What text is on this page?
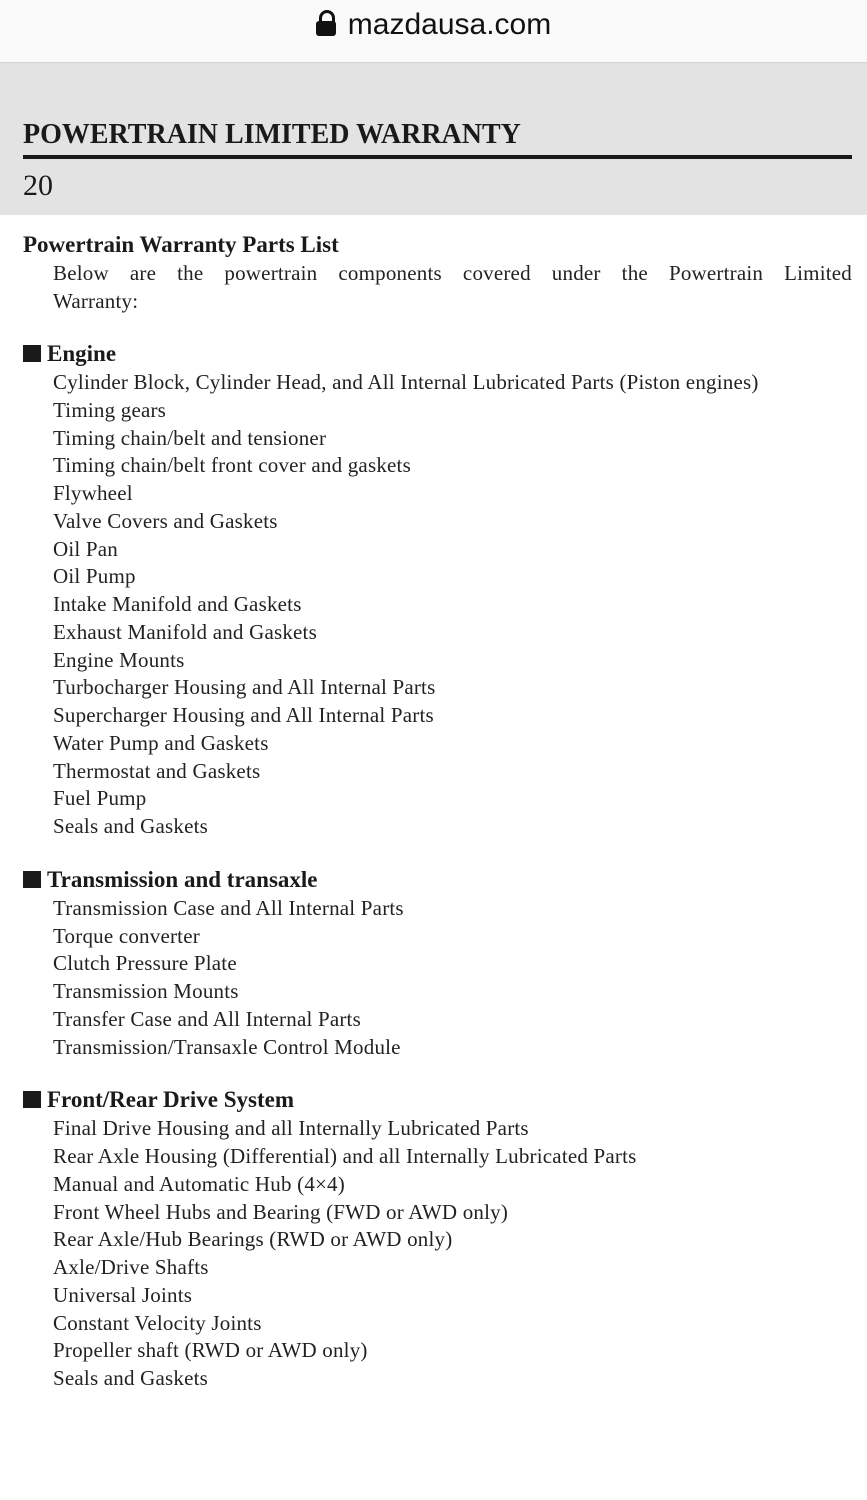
mazdausa.com
POWERTRAIN LIMITED WARRANTY
20
Powertrain Warranty Parts List

Below are the powertrain components covered under the Powertrain Limited Warranty:

Engine
Cylinder Block, Cylinder Head, and All Internal Lubricated Parts (Piston engines)
Timing gears
Timing chain/belt and tensioner
Timing chain/belt front cover and gaskets
Flywheel
Valve Covers and Gaskets
Oil Pan
Oil Pump
Intake Manifold and Gaskets
Exhaust Manifold and Gaskets
Engine Mounts
Turbocharger Housing and All Internal Parts
Supercharger Housing and All Internal Parts
Water Pump and Gaskets
Thermostat and Gaskets
Fuel Pump
Seals and Gaskets
Transmission and transaxle
Transmission Case and All Internal Parts
Torque converter
Clutch Pressure Plate
Transmission Mounts
Transfer Case and All Internal Parts
Transmission/Transaxle Control Module
Front/Rear Drive System
Final Drive Housing and all Internally Lubricated Parts
Rear Axle Housing (Differential) and all Internally Lubricated Parts
Manual and Automatic Hub (4×4)
Front Wheel Hubs and Bearing (FWD or AWD only)
Rear Axle/Hub Bearings (RWD or AWD only)
Axle/Drive Shafts
Universal Joints
Constant Velocity Joints
Propeller shaft (RWD or AWD only)
Seals and Gaskets
